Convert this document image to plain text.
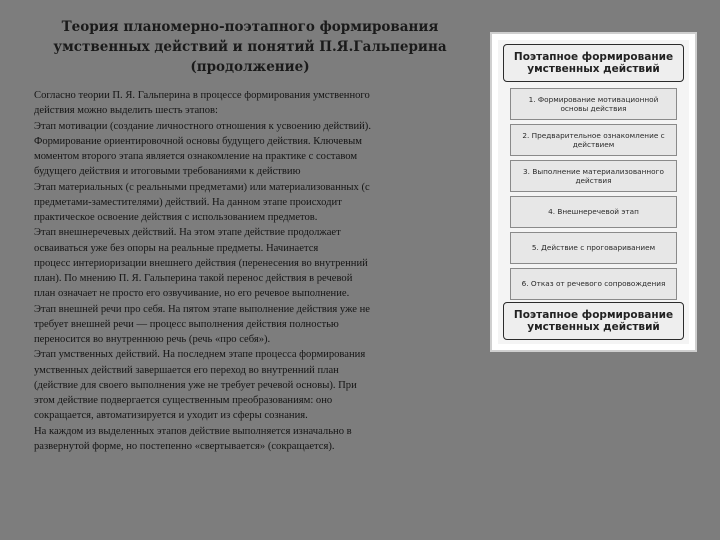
Теория планомерно-поэтапного формирования
умственных действий и понятий П.Я.Гальперина
(продолжение)
Согласно теории П. Я. Гальперина в процессе формирования умственного
действия можно выделить шесть этапов:
Этап мотивации (создание личностного отношения к усвоению действий).
Формирование ориентировочной основы будущего действия. Ключевым
моментом второго этапа является ознакомление на практике с составом
будущего действия и итоговыми требованиями к действию
Этап материальных (с реальными предметами) или материализованных (с
предметами-заместителями) действий. На данном этапе происходит
практическое освоение действия с использованием предметов.
Этап внешнеречевых действий. На этом этапе действие продолжает
осваиваться уже без опоры на реальные предметы. Начинается
процесс интериоризации внешнего действия (перенесения во внутренний
план). По мнению П. Я. Гальперина такой перенос действия в речевой
план означает не просто его озвучивание, но его речевое выполнение.
Этап внешней речи про себя. На пятом этапе выполнение действия уже не
требует внешней речи — процесс выполнения действия полностью
переносится во внутреннюю речь (речь «про себя»).
Этап умственных действий. На последнем этапе процесса формирования
умственных действий завершается его переход во внутренний план
(действие для своего выполнения уже не требует речевой основы). При
этом действие подвергается существенным преобразованиям: оно
сокращается, автоматизируется и уходит из сферы сознания.
На каждом из выделенных этапов действие выполняется изначально в
развернутой форме, но постепенно «свертывается» (сокращается).
Поэтапное формирование умственных действий
1. Формирование мотивационной основы действия
2. Предварительное ознакомление с действием
3. Выполнение материализованного действия
4. Внешнеречевой этап
5. Действие с проговариванием
6. Отказ от речевого сопровождения
Поэтапное формирование умственных действий
